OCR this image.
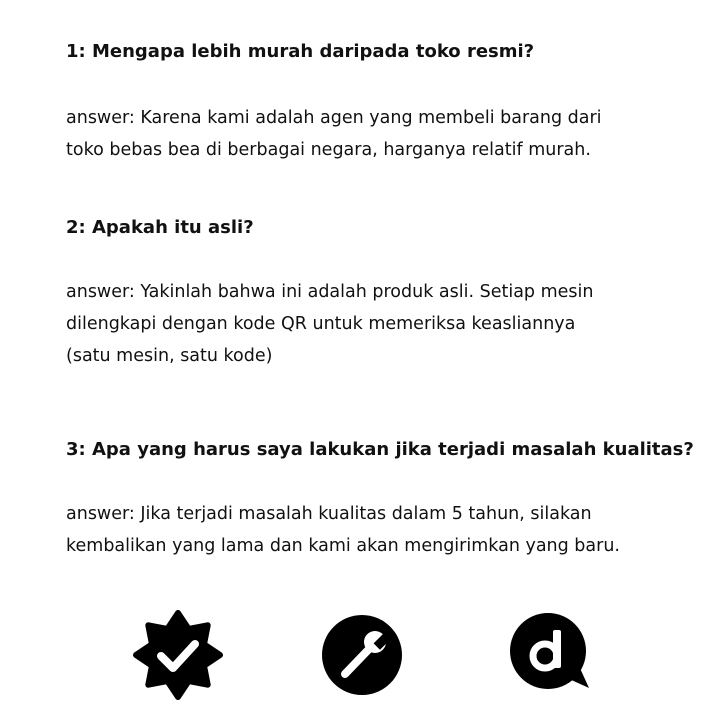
1: Mengapa lebih murah daripada toko resmi?

answer: Karena kami adalah agen yang membeli barang dari
toko bebas bea di berbagai negara, harganya relatif murah.

2: Apakah itu asli?

answer: Yakinlah bahwa ini adalah produk asli. Setiap mesin
dilengkapi dengan kode QR untuk memeriksa keasliannya
(satu mesin, satu kode)

3: Apa yang harus saya lakukan jika terjadi masalah kualitas?

answer: Jika terjadi masalah kualitas dalam 5 tahun, silakan
kembalikan yang lama dan kami akan mengirimkan yang baru.
